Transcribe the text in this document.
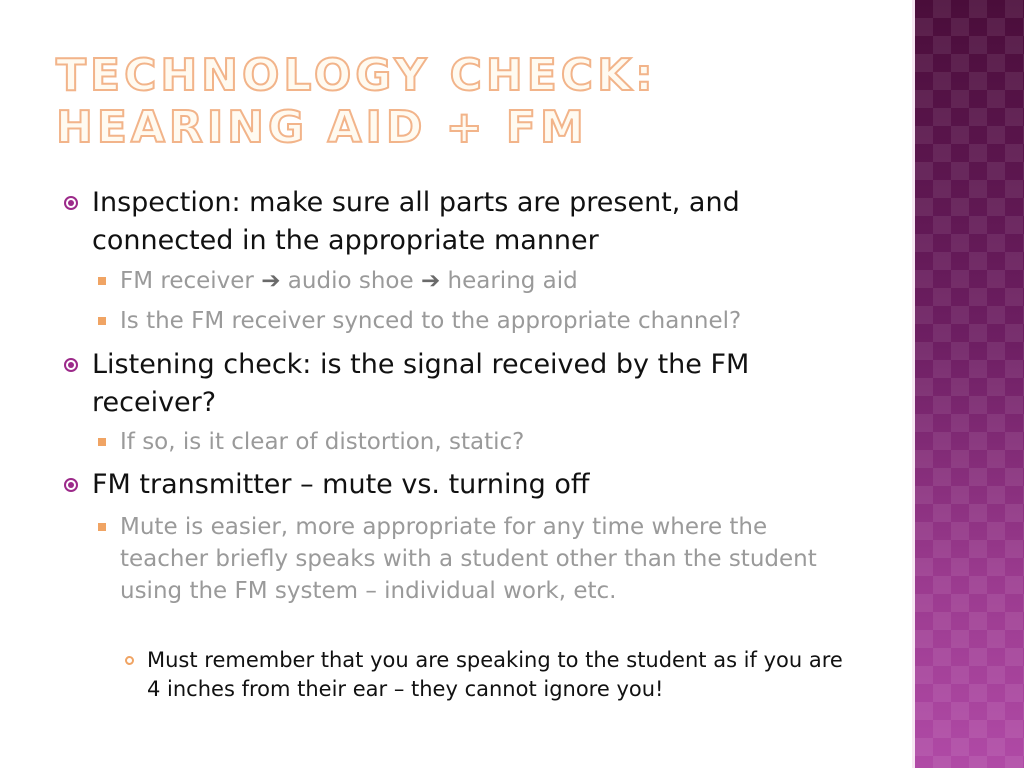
TECHNOLOGY CHECK: HEARING AID + FM
Inspection: make sure all parts are present, and connected in the appropriate manner
FM receiver ➔ audio shoe ➔ hearing aid
Is the FM receiver synced to the appropriate channel?
Listening check: is the signal received by the FM receiver?
If so, is it clear of distortion, static?
FM transmitter – mute vs. turning off
Mute is easier, more appropriate for any time where the teacher briefly speaks with a student other than the student using the FM system – individual work, etc.
Must remember that you are speaking to the student as if you are 4 inches from their ear – they cannot ignore you!
